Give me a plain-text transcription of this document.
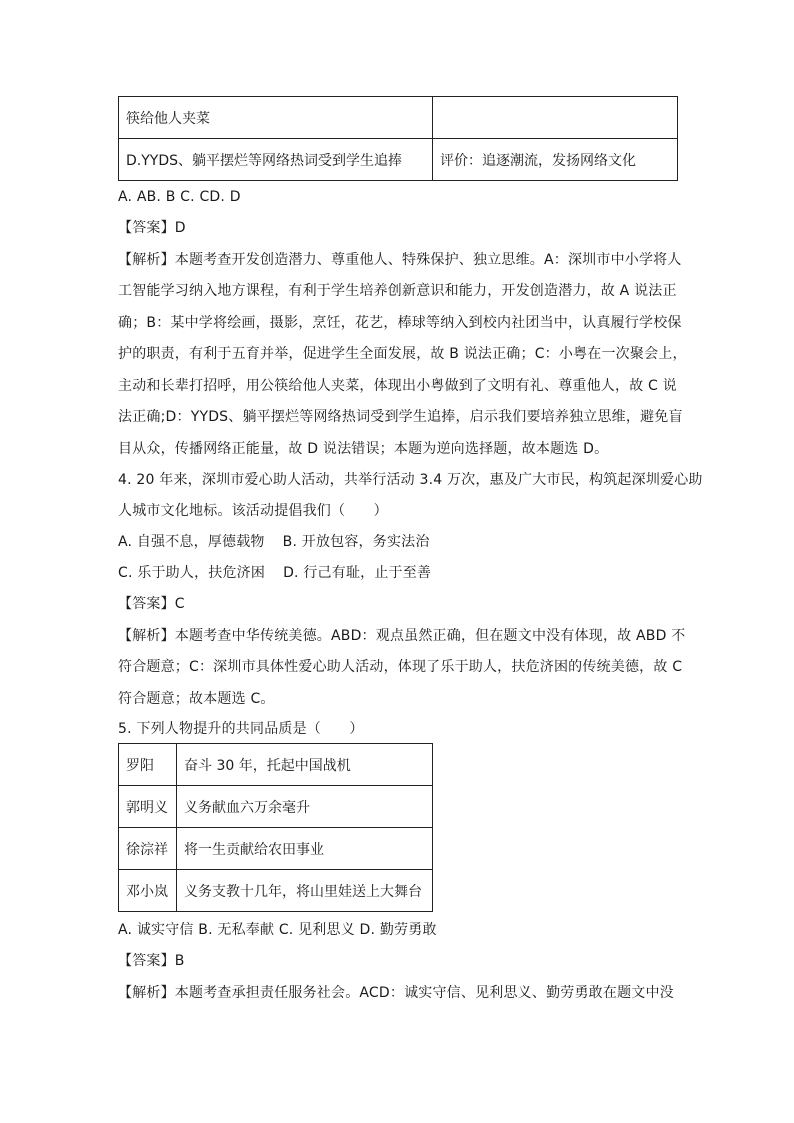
筷给他人夹菜	
D.YYDS、躺平摆烂等网络热词受到学生追捧	评价：追逐潮流，发扬网络文化
A. AB. B C. CD. D
【答案】D
【解析】本题考查开发创造潜力、尊重他人、特殊保护、独立思维。A：深圳市中小学将人
工智能学习纳入地方课程，有利于学生培养创新意识和能力，开发创造潜力，故 A 说法正
确；B：某中学将绘画，摄影，烹饪，花艺，棒球等纳入到校内社团当中，认真履行学校保
护的职责，有利于五育并举，促进学生全面发展，故 B 说法正确；C：小粤在一次聚会上，
主动和长辈打招呼，用公筷给他人夹菜，体现出小粤做到了文明有礼、尊重他人，故 C 说
法正确;D：YYDS、躺平摆烂等网络热词受到学生追捧，启示我们要培养独立思维，避免盲
目从众，传播网络正能量，故 D 说法错误；本题为逆向选择题，故本题选 D。
4. 20 年来，深圳市爱心助人活动，共举行活动 3.4 万次，惠及广大市民，构筑起深圳爱心助
人城市文化地标。该活动提倡我们（　　）
A. 自强不息，厚德载物 B. 开放包容，务实法治
C. 乐于助人，扶危济困 D. 行己有耻，止于至善
【答案】C
【解析】本题考查中华传统美德。ABD：观点虽然正确，但在题文中没有体现，故 ABD 不
符合题意；C：深圳市具体性爱心助人活动，体现了乐于助人，扶危济困的传统美德，故 C
符合题意；故本题选 C。
5. 下列人物提升的共同品质是（　　）
罗阳	奋斗 30 年，托起中国战机
郭明义	义务献血六万余毫升
徐淙祥	将一生贡献给农田事业
邓小岚	义务支教十几年，将山里娃送上大舞台
A. 诚实守信 B. 无私奉献 C. 见利思义 D. 勤劳勇敢
【答案】B
【解析】本题考查承担责任服务社会。ACD：诚实守信、见利思义、勤劳勇敢在题文中没
